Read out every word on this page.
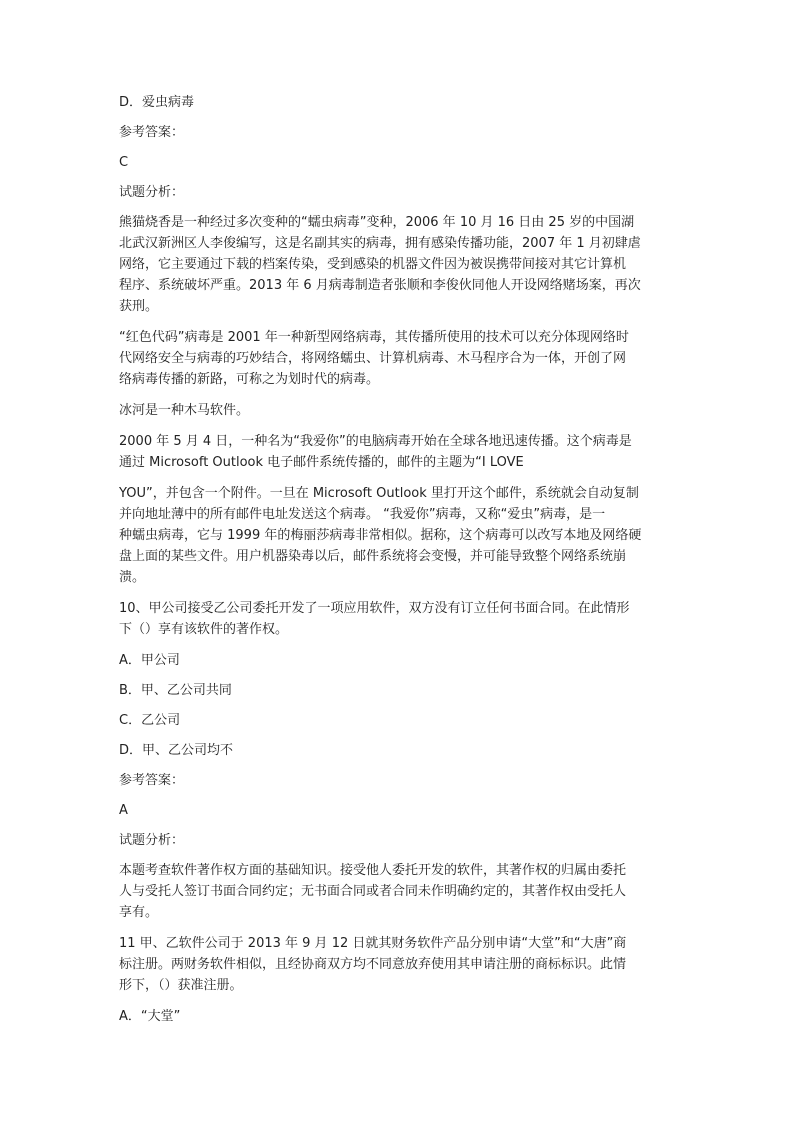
D．爱虫病毒
参考答案：
C
试题分析：
熊猫烧香是一种经过多次变种的“蠕虫病毒”变种，2006 年 10 月 16 日由 25 岁的中国湖
北武汉新洲区人李俊编写，这是名副其实的病毒，拥有感染传播功能，2007 年 1 月初肆虐
网络，它主要通过下载的档案传染，受到感染的机器文件因为被误携带间接对其它计算机
程序、系统破坏严重。2013 年 6 月病毒制造者张顺和李俊伙同他人开设网络赌场案，再次
获刑。
“红色代码”病毒是 2001 年一种新型网络病毒，其传播所使用的技术可以充分体现网络时
代网络安全与病毒的巧妙结合，将网络蠕虫、计算机病毒、木马程序合为一体，开创了网
络病毒传播的新路，可称之为划时代的病毒。
冰河是一种木马软件。
2000 年 5 月 4 日，一种名为“我爱你”的电脑病毒开始在全球各地迅速传播。这个病毒是
通过 Microsoft Outlook 电子邮件系统传播的，邮件的主题为“I LOVE
YOU”，并包含一个附件。一旦在 Microsoft Outlook 里打开这个邮件，系统就会自动复制
并向地址薄中的所有邮件电址发送这个病毒。 “我爱你”病毒，又称“爱虫”病毒，是一
种蠕虫病毒，它与 1999 年的梅丽莎病毒非常相似。据称，这个病毒可以改写本地及网络硬
盘上面的某些文件。用户机器染毒以后，邮件系统将会变慢，并可能导致整个网络系统崩
溃。
10、甲公司接受乙公司委托开发了一项应用软件，双方没有订立任何书面合同。在此情形
下（）享有该软件的著作权。
A．甲公司
B．甲、乙公司共同
C．乙公司
D．甲、乙公司均不
参考答案：
A
试题分析：
本题考查软件著作权方面的基础知识。接受他人委托开发的软件，其著作权的归属由委托
人与受托人签订书面合同约定；无书面合同或者合同未作明确约定的，其著作权由受托人
享有。
11 甲、乙软件公司于 2013 年 9 月 12 日就其财务软件产品分别申请“大堂”和“大唐”商
标注册。两财务软件相似，且经协商双方均不同意放弃使用其申请注册的商标标识。此情
形下，（）获准注册。
A．“大堂”
